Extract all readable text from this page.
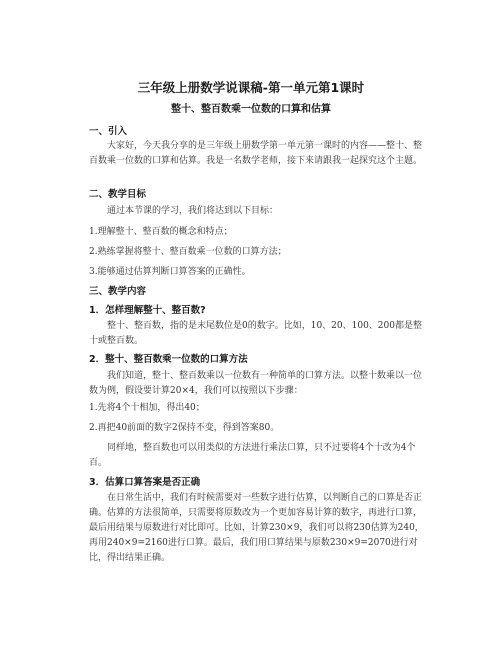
三年级上册数学说课稿-第一单元第1课时
整十、整百数乘一位数的口算和估算
一、引入
大家好，今天我分享的是三年级上册数学第一单元第一课时的内容——整十、整百数乘一位数的口算和估算。我是一名数学老师，接下来请跟我一起探究这个主题。
二、教学目标
通过本节课的学习，我们将达到以下目标：
1.理解整十、整百数的概念和特点；
2.熟练掌握将整十、整百数乘一位数的口算方法；
3.能够通过估算判断口算答案的正确性。
三、教学内容
1．怎样理解整十、整百数?
整十、整百数，指的是末尾数位是0的数字。比如，10、20、100、200都是整十或整百数。
2．整十、整百数乘一位数的口算方法
我们知道，整十、整百数乘以一位数有一种简单的口算方法。以整十数乘以一位数为例，假设要计算20×4，我们可以按照以下步骤：
1.先将4个十相加，得出40；
2.再把40前面的数字2保持不变，得到答案80。
同样地，整百数也可以用类似的方法进行乘法口算，只不过要将4个十改为4个百。
3．估算口算答案是否正确
在日常生活中，我们有时候需要对一些数字进行估算，以判断自己的口算是否正确。估算的方法很简单，只需要将原数改为一个更加容易计算的数字，再进行口算，最后用结果与原数进行对比即可。比如，计算230×9，我们可以将230估算为240，再用240×9=2160进行口算。最后，我们用口算结果与原数230×9=2070进行对比，得出结果正确。
